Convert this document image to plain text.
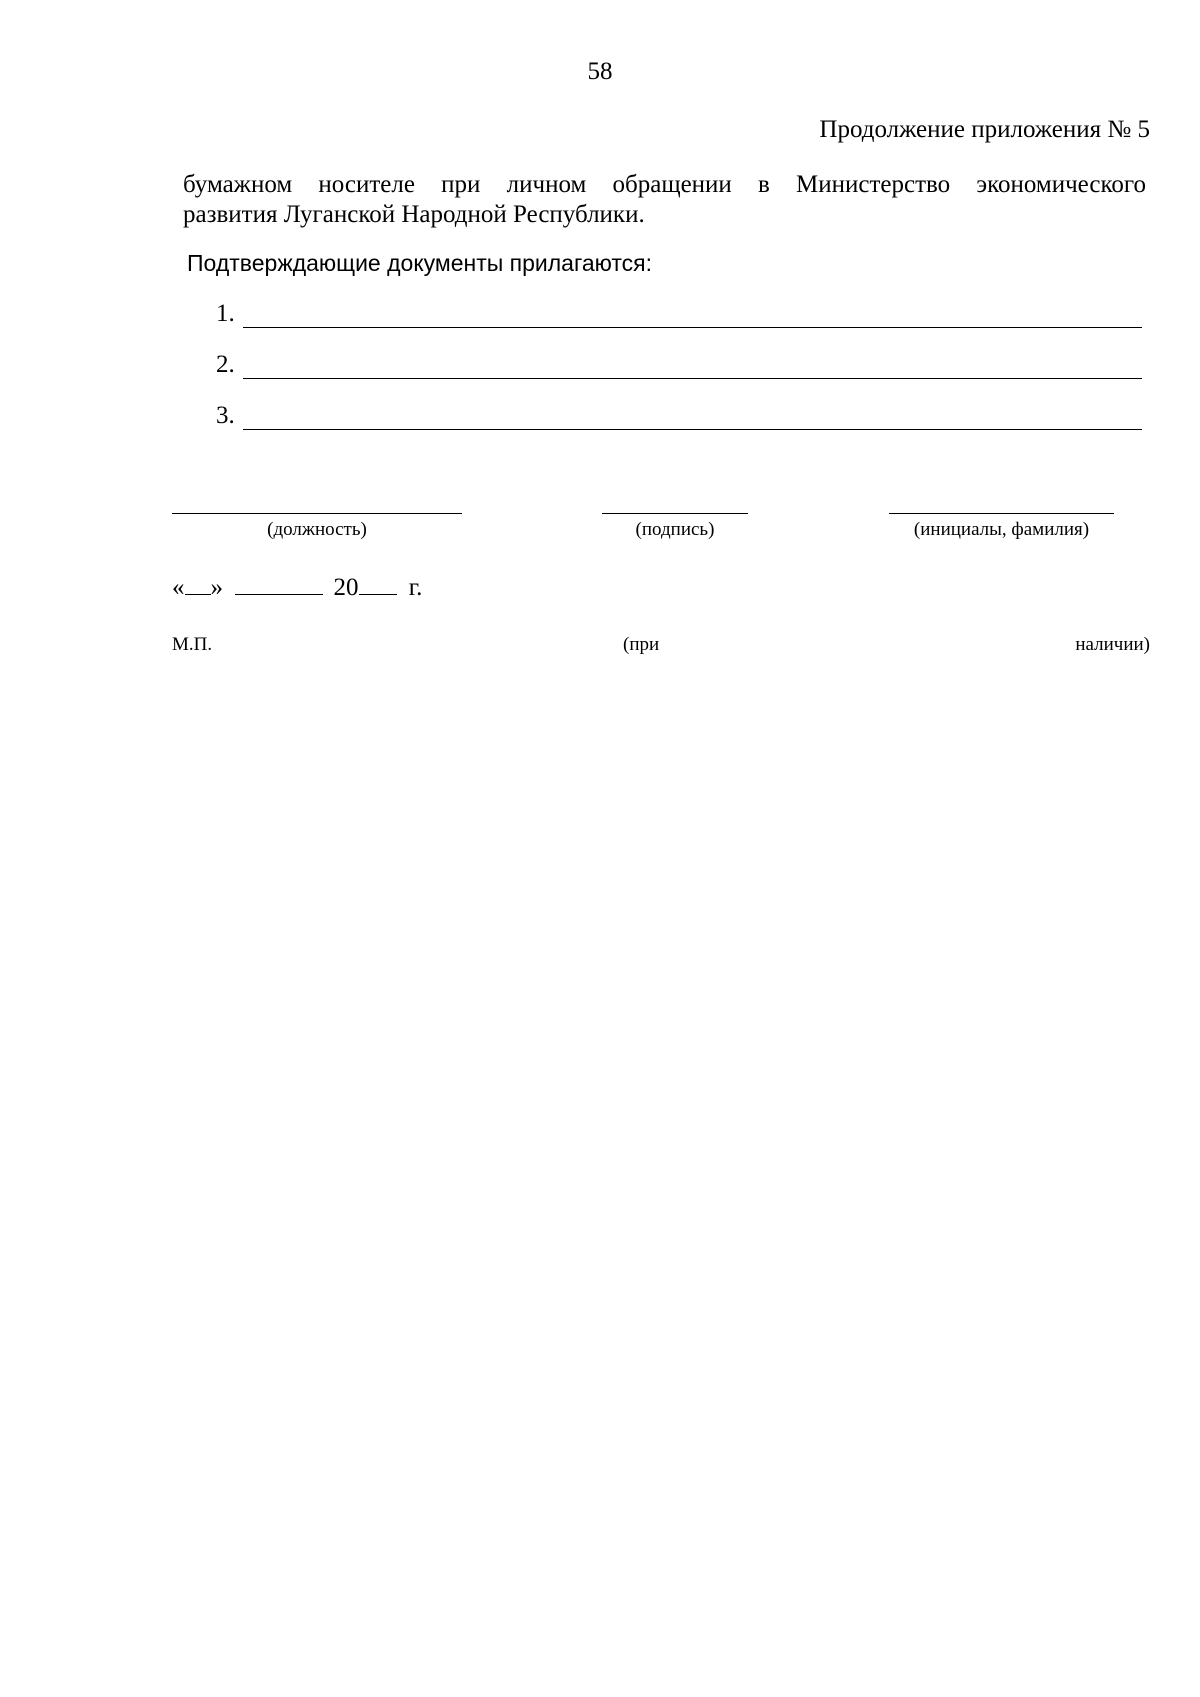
58
Продолжение приложения № 5
бумажном носителе при личном обращении в Министерство экономического
развития Луганской Народной Республики.
Подтверждающие документы прилагаются:
1.
2.
3.
(должность)	(подпись)	(инициалы, фамилия)
« »	20 г.
М.П.	(при	наличии)
